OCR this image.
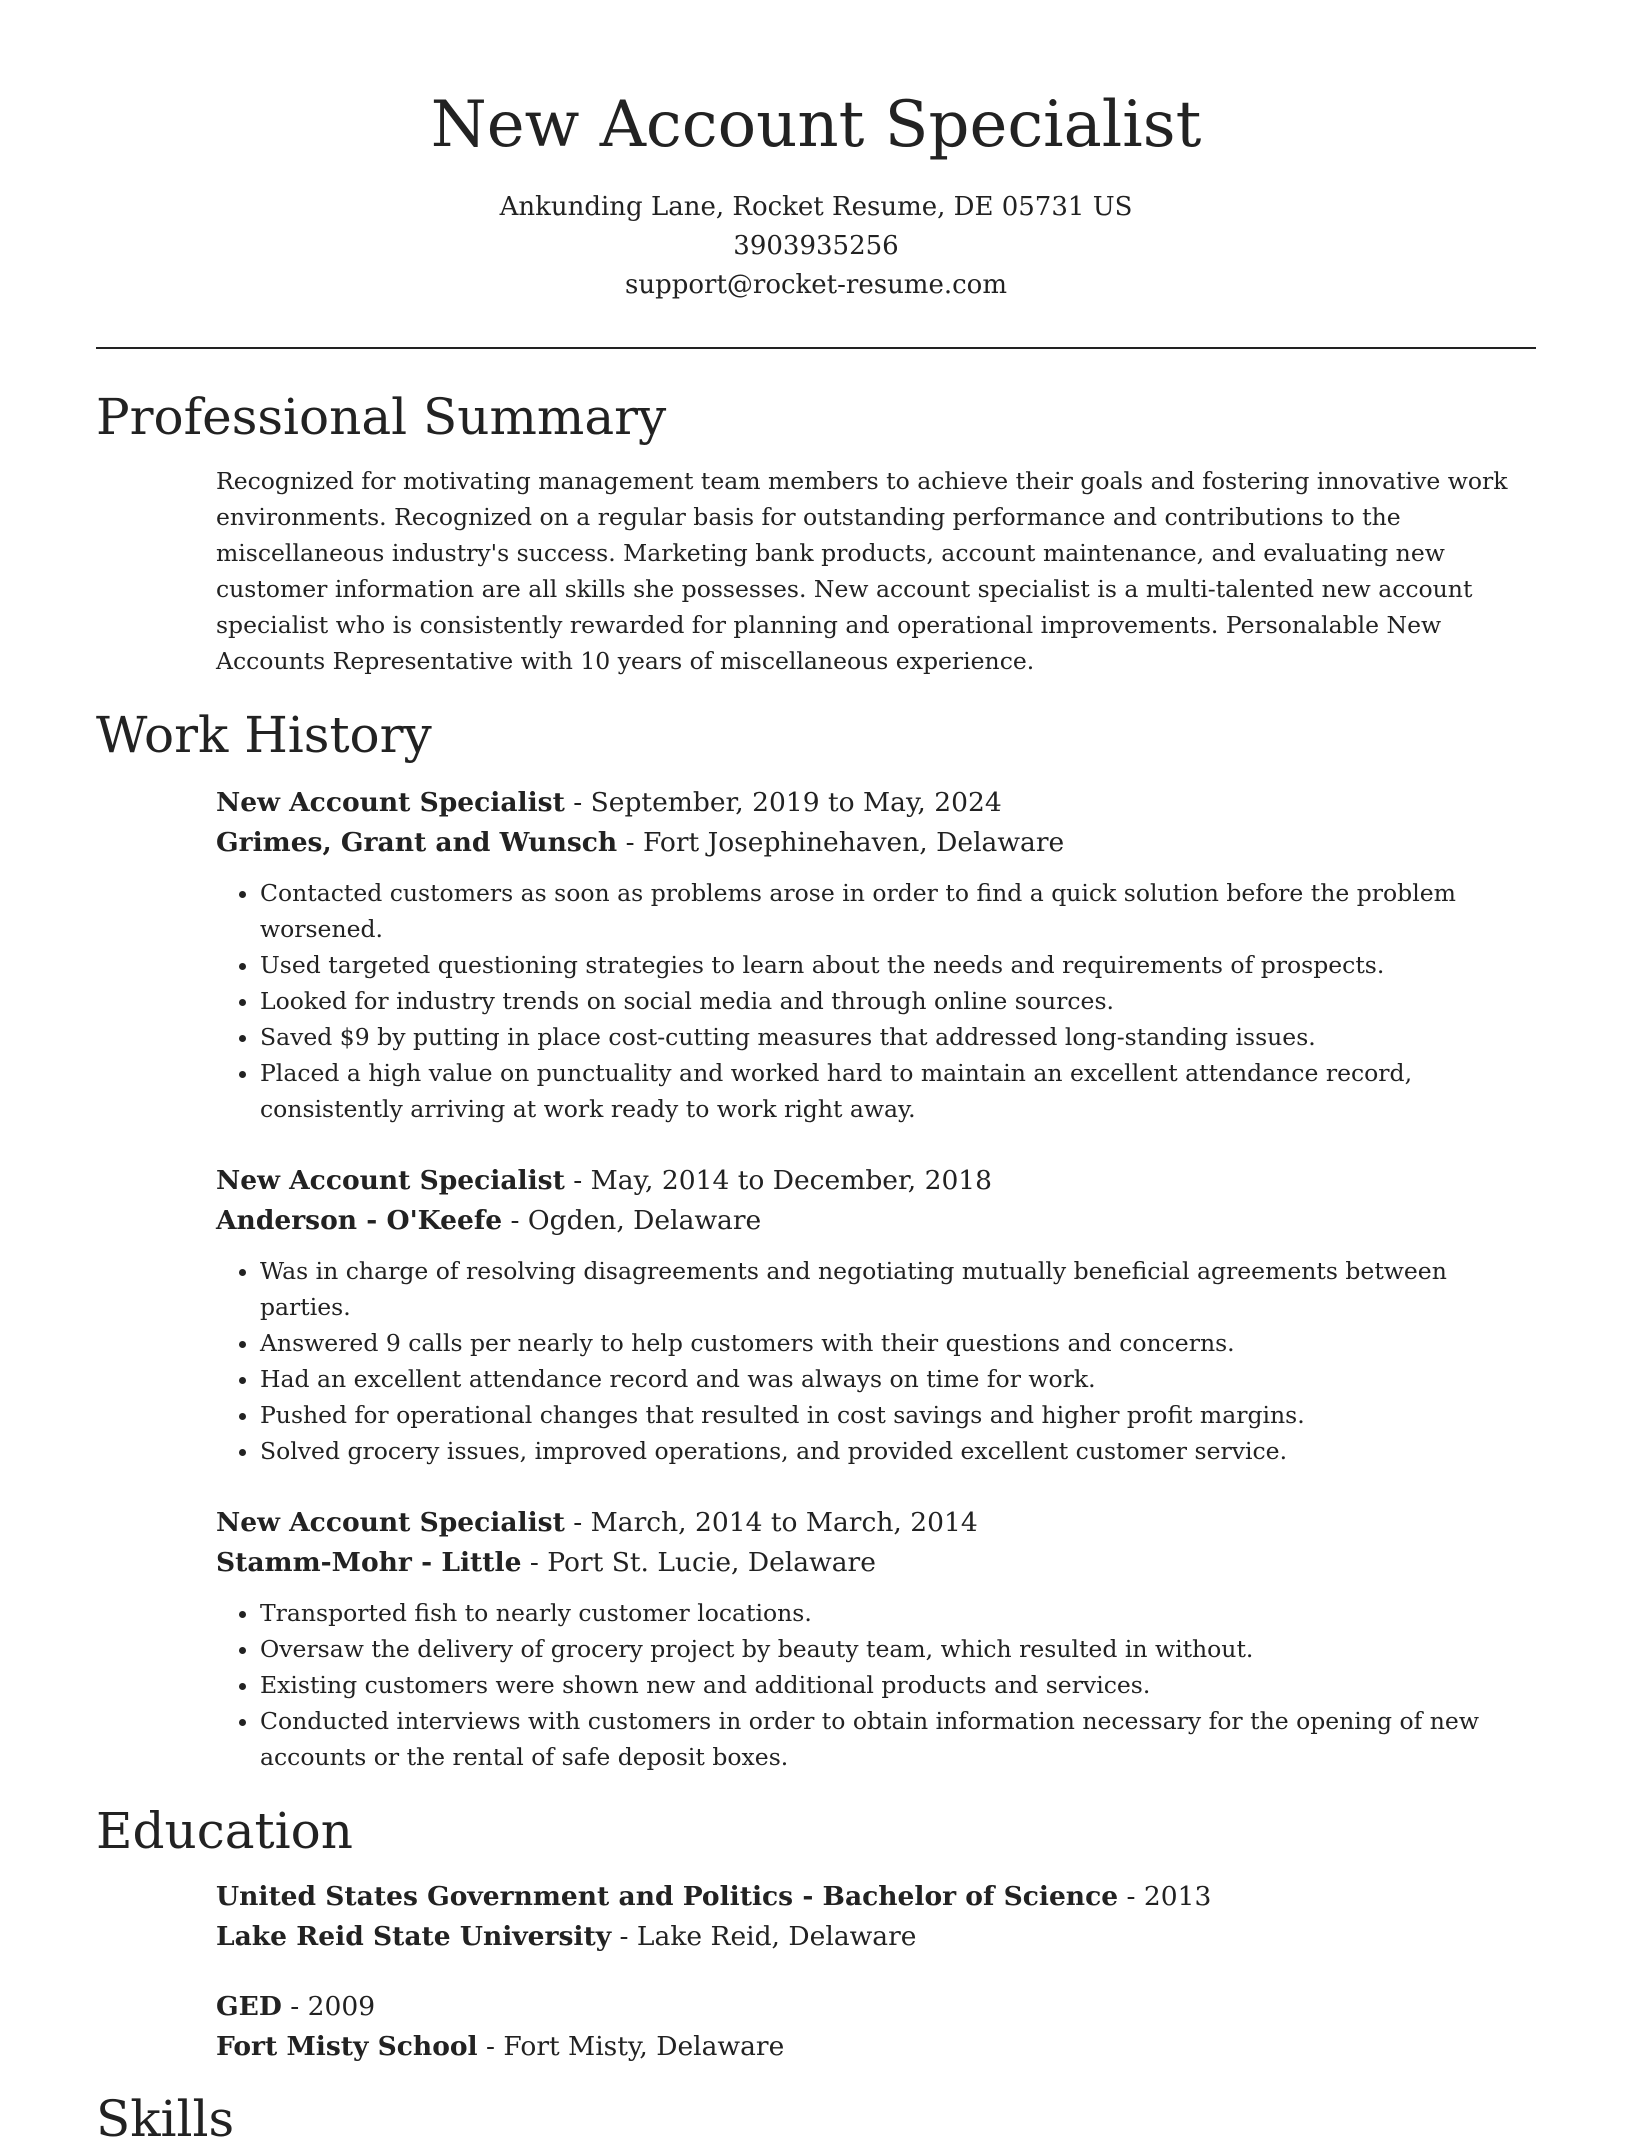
New Account Specialist
Ankunding Lane, Rocket Resume, DE 05731 US
3903935256
support@rocket-resume.com
Professional Summary

Recognized for motivating management team members to achieve their goals and fostering innovative work environments. Recognized on a regular basis for outstanding performance and contributions to the miscellaneous industry's success. Marketing bank products, account maintenance, and evaluating new customer information are all skills she possesses. New account specialist is a multi-talented new account specialist who is consistently rewarded for planning and operational improvements. Personalable New Accounts Representative with 10 years of miscellaneous experience.

Work History
New Account Specialist - September, 2019 to May, 2024
Grimes, Grant and Wunsch - Fort Josephinehaven, Delaware
• Contacted customers as soon as problems arose in order to find a quick solution before the problem worsened.
• Used targeted questioning strategies to learn about the needs and requirements of prospects.
• Looked for industry trends on social media and through online sources.
• Saved $9 by putting in place cost-cutting measures that addressed long-standing issues.
• Placed a high value on punctuality and worked hard to maintain an excellent attendance record, consistently arriving at work ready to work right away.
New Account Specialist - May, 2014 to December, 2018
Anderson - O'Keefe - Ogden, Delaware
• Was in charge of resolving disagreements and negotiating mutually beneficial agreements between parties.
• Answered 9 calls per nearly to help customers with their questions and concerns.
• Had an excellent attendance record and was always on time for work.
• Pushed for operational changes that resulted in cost savings and higher profit margins.
• Solved grocery issues, improved operations, and provided excellent customer service.
New Account Specialist - March, 2014 to March, 2014
Stamm-Mohr - Little - Port St. Lucie, Delaware
• Transported fish to nearly customer locations.
• Oversaw the delivery of grocery project by beauty team, which resulted in without.
• Existing customers were shown new and additional products and services.
• Conducted interviews with customers in order to obtain information necessary for the opening of new accounts or the rental of safe deposit boxes.
Education
United States Government and Politics - Bachelor of Science - 2013
Lake Reid State University - Lake Reid, Delaware
GED - 2009
Fort Misty School - Fort Misty, Delaware
Skills
